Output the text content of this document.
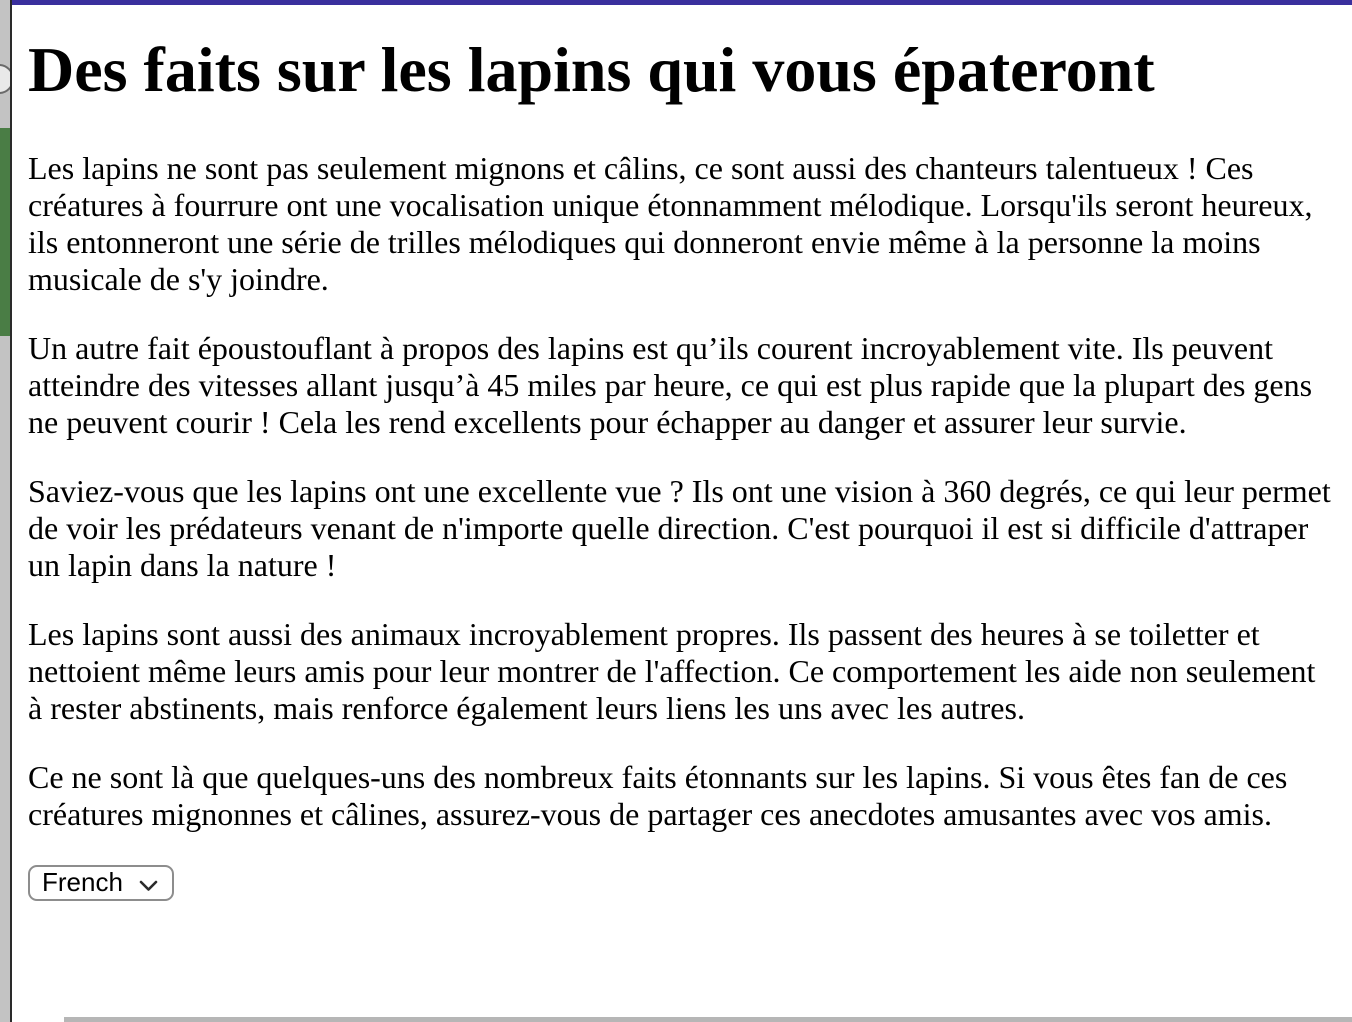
Des faits sur les lapins qui vous épateront

Les lapins ne sont pas seulement mignons et câlins, ce sont aussi des chanteurs talentueux ! Ces créatures à fourrure ont une vocalisation unique étonnamment mélodique. Lorsqu'ils seront heureux, ils entonneront une série de trilles mélodiques qui donneront envie même à la personne la moins musicale de s'y joindre.

Un autre fait époustouflant à propos des lapins est qu’ils courent incroyablement vite. Ils peuvent atteindre des vitesses allant jusqu’à 45 miles par heure, ce qui est plus rapide que la plupart des gens ne peuvent courir ! Cela les rend excellents pour échapper au danger et assurer leur survie.

Saviez-vous que les lapins ont une excellente vue ? Ils ont une vision à 360 degrés, ce qui leur permet de voir les prédateurs venant de n'importe quelle direction. C'est pourquoi il est si difficile d'attraper un lapin dans la nature !

Les lapins sont aussi des animaux incroyablement propres. Ils passent des heures à se toiletter et nettoient même leurs amis pour leur montrer de l'affection. Ce comportement les aide non seulement à rester abstinents, mais renforce également leurs liens les uns avec les autres.

Ce ne sont là que quelques-uns des nombreux faits étonnants sur les lapins. Si vous êtes fan de ces créatures mignonnes et câlines, assurez-vous de partager ces anecdotes amusantes avec vos amis.

French
